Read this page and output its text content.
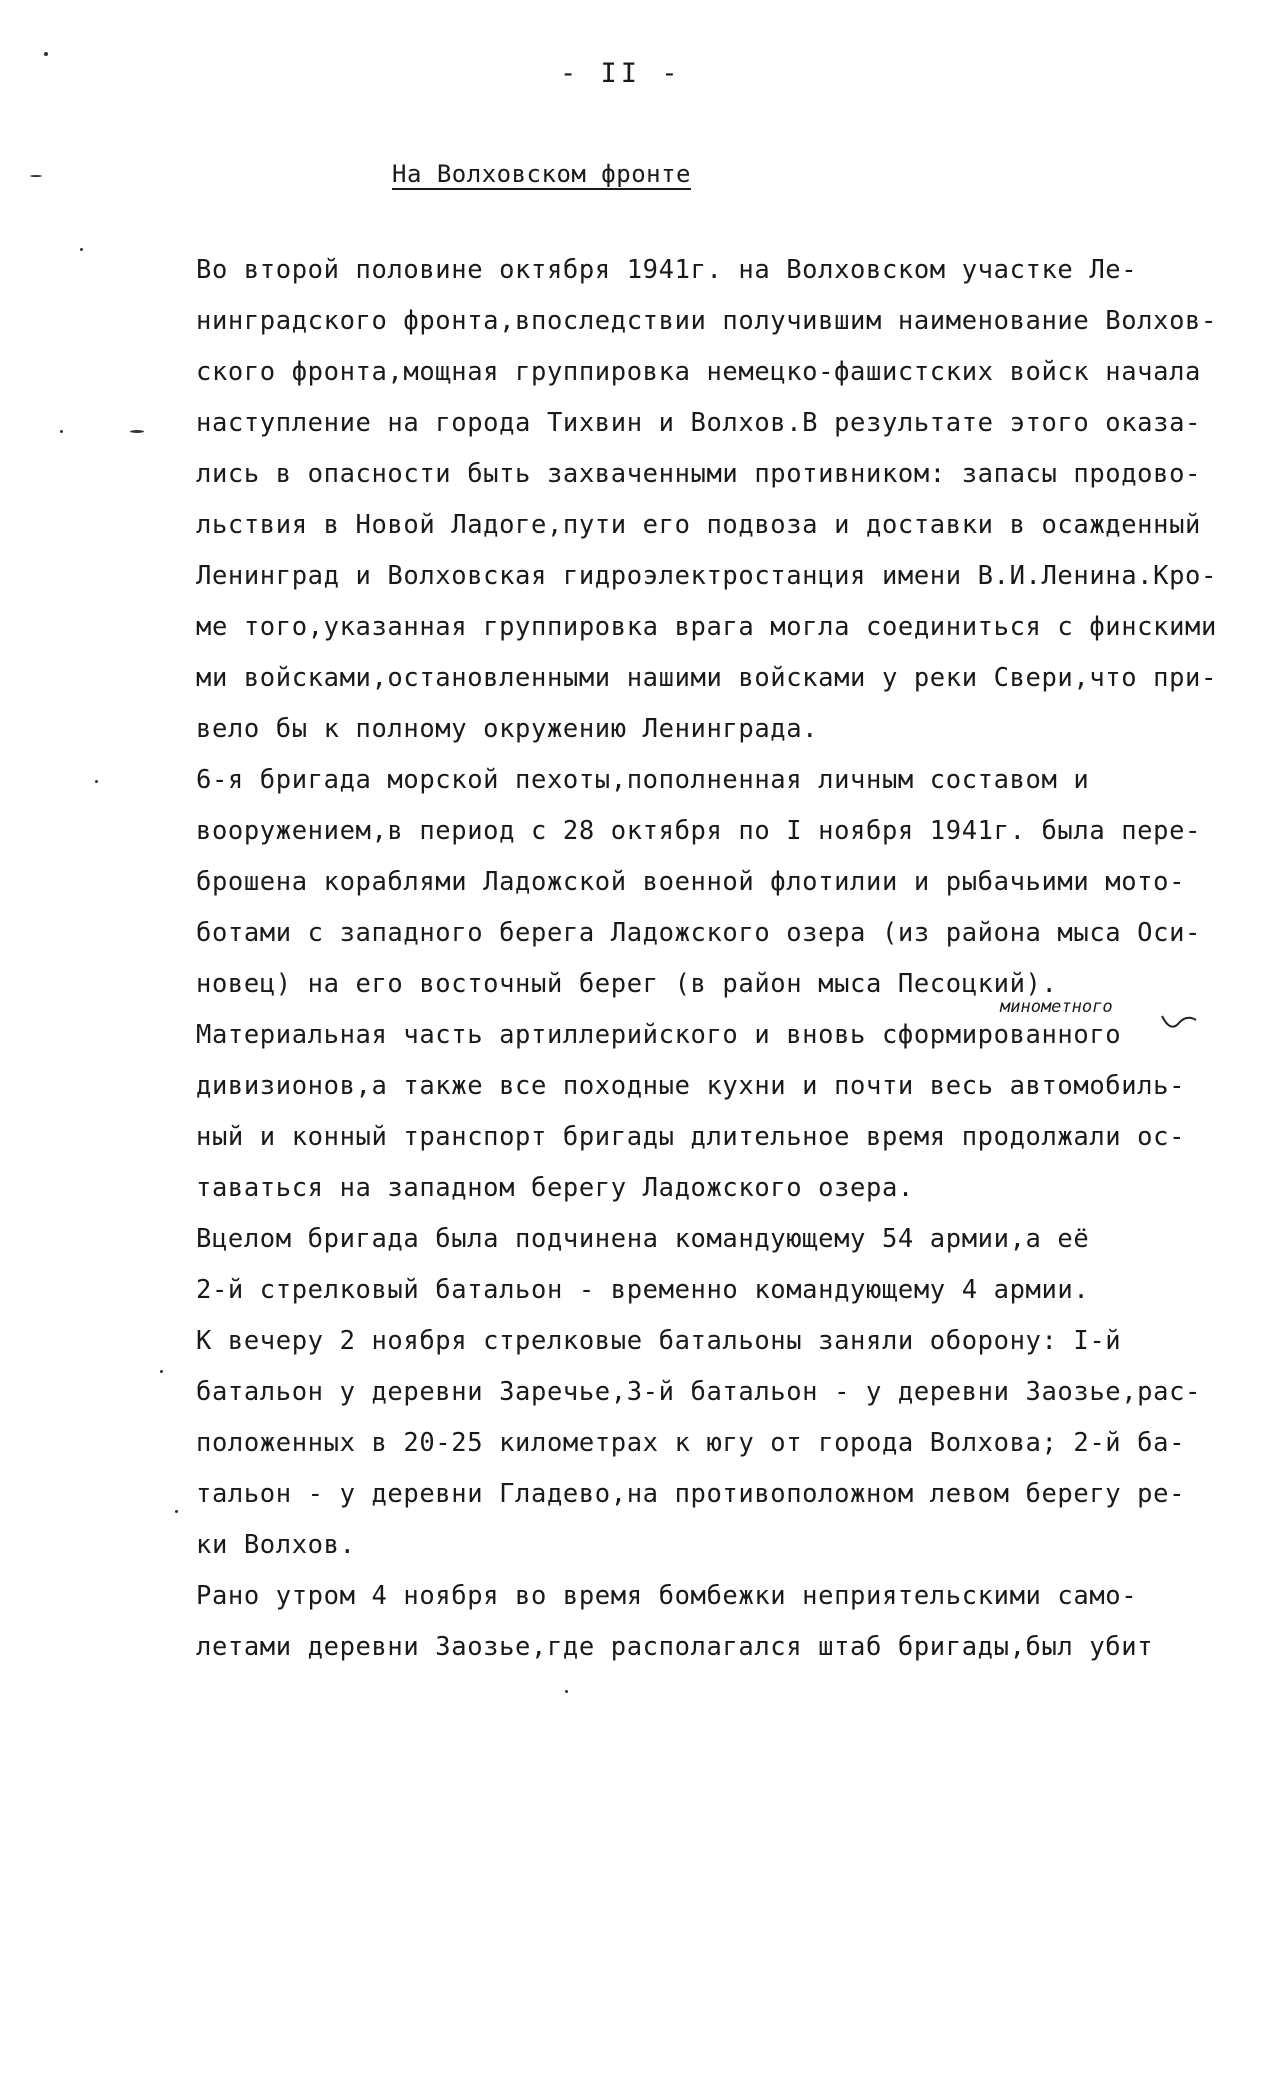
- II -
На Волховском фронте
минометного
Во второй половине октября 1941г. на Волховском участке Ле-
нинградского фронта,впоследствии получившим наименование Волхов-
ского фронта,мощная группировка немецко-фашистских войск начала
наступление на города Тихвин и Волхов.В результате этого оказа-
лись в опасности быть захваченными противником: запасы продово-
льствия в Новой Ладоге,пути его подвоза и доставки в осажденный
Ленинград и Волховская гидроэлектростанция имени В.И.Ленина.Кро-
ме того,указанная группировка врага могла соединиться с финскими
ми войсками,остановленными нашими войсками у реки Свери,что при-
вело бы к полному окружению Ленинграда.
6-я бригада морской пехоты,пополненная личным составом и
вооружением,в период с 28 октября по I ноября 1941г. была пере-
брошена кораблями Ладожской военной флотилии и рыбачьими мото-
ботами с западного берега Ладожского озера (из района мыса Оси-
новец) на его восточный берег (в район мыса Песоцкий).
Материальная часть артиллерийского и вновь сформированного
дивизионов,а также все походные кухни и почти весь автомобиль-
ный и конный транспорт бригады длительное время продолжали ос-
таваться на западном берегу Ладожского озера.
Вцелом бригада была подчинена командующему 54 армии,а её
2-й стрелковый батальон - временно командующему 4 армии.
К вечеру 2 ноября стрелковые батальоны заняли оборону: I-й
батальон у деревни Заречье,3-й батальон - у деревни Заозье,рас-
положенных в 20-25 километрах к югу от города Волхова; 2-й ба-
тальон - у деревни Гладево,на противоположном левом берегу ре-
ки Волхов.
Рано утром 4 ноября во время бомбежки неприятельскими само-
летами деревни Заозье,где располагался штаб бригады,был убит
